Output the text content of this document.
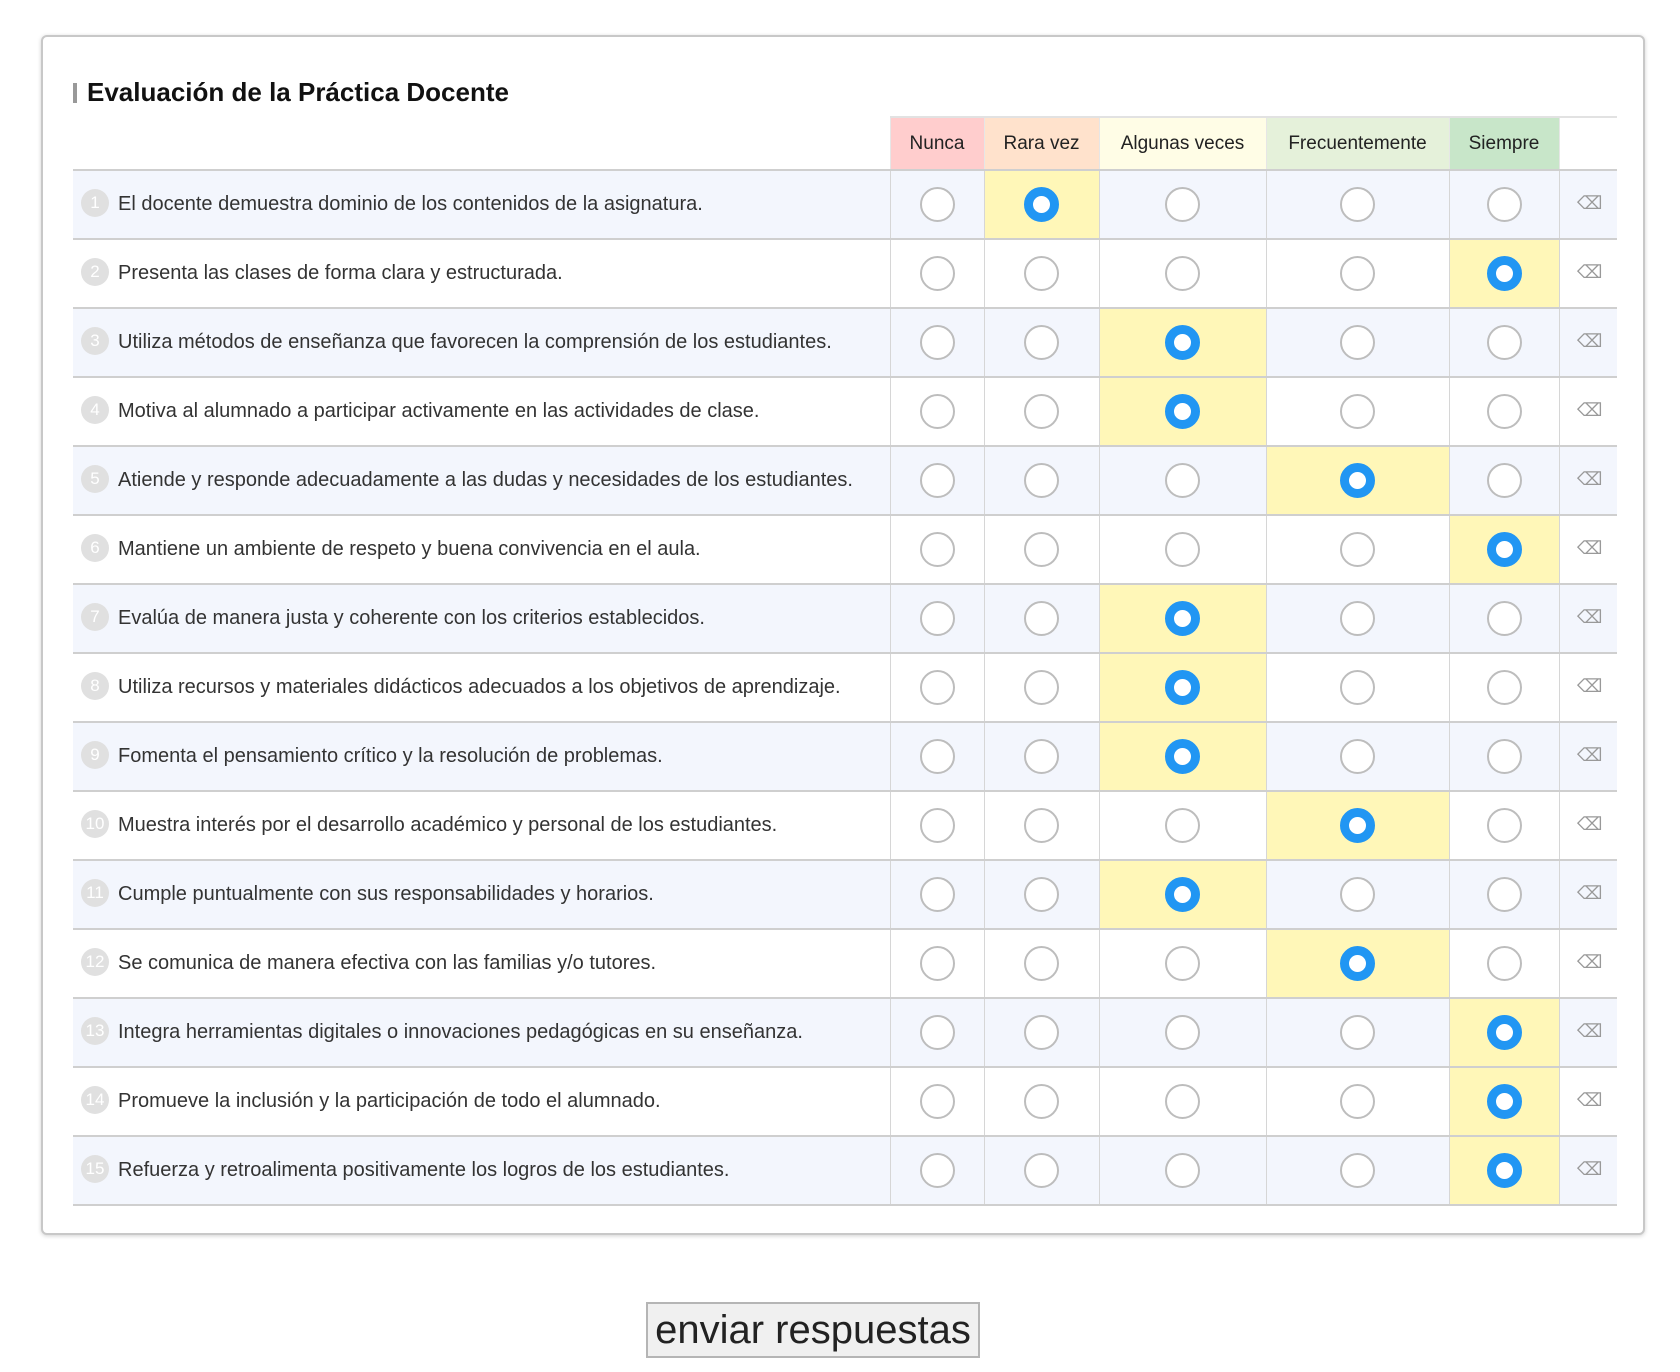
Evaluación de la Práctica Docente
	Nunca	Rara vez	Algunas veces	Frecuentemente	Siempre	

1 El docente demuestra dominio de los contenidos de la asignatura.						⌫

2 Presenta las clases de forma clara y estructurada.						⌫

3 Utiliza métodos de enseñanza que favorecen la comprensión de los estudiantes.						⌫

4 Motiva al alumnado a participar activamente en las actividades de clase.						⌫

5 Atiende y responde adecuadamente a las dudas y necesidades de los estudiantes.						⌫

6 Mantiene un ambiente de respeto y buena convivencia en el aula.						⌫

7 Evalúa de manera justa y coherente con los criterios establecidos.						⌫

8 Utiliza recursos y materiales didácticos adecuados a los objetivos de aprendizaje.						⌫

9 Fomenta el pensamiento crítico y la resolución de problemas.						⌫

10 Muestra interés por el desarrollo académico y personal de los estudiantes.						⌫

11 Cumple puntualmente con sus responsabilidades y horarios.						⌫

12 Se comunica de manera efectiva con las familias y/o tutores.						⌫

13 Integra herramientas digitales o innovaciones pedagógicas en su enseñanza.						⌫

14 Promueve la inclusión y la participación de todo el alumnado.						⌫

15 Refuerza y retroalimenta positivamente los logros de los estudiantes.						⌫
enviar respuestas
